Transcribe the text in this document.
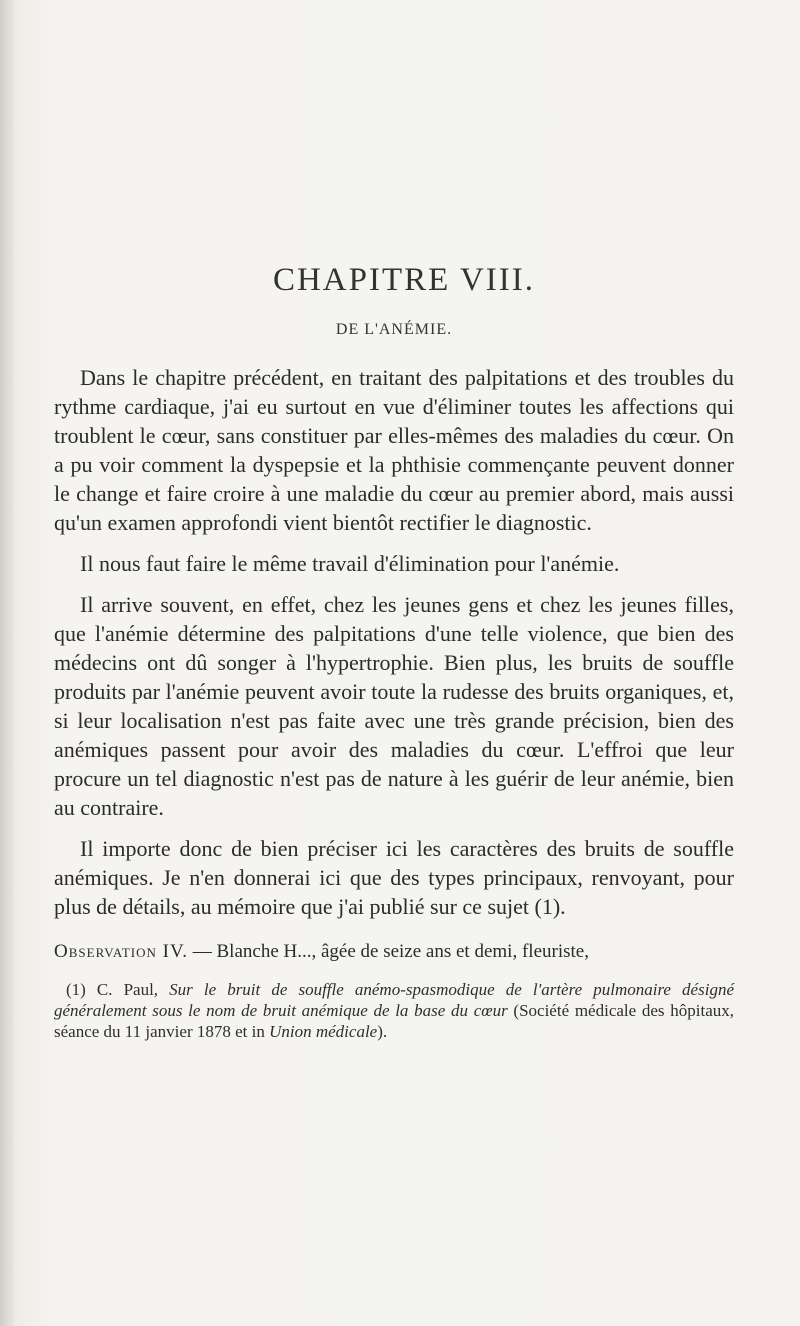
CHAPITRE VIII.
DE L'ANÉMIE.

Dans le chapitre précédent, en traitant des palpitations et des troubles du rythme cardiaque, j'ai eu surtout en vue d'éliminer toutes les affections qui troublent le cœur, sans constituer par elles-mêmes des maladies du cœur. On a pu voir comment la dyspepsie et la phthisie commençante peuvent donner le change et faire croire à une maladie du cœur au premier abord, mais aussi qu'un examen approfondi vient bientôt rectifier le diagnostic.

Il nous faut faire le même travail d'élimination pour l'anémie.

Il arrive souvent, en effet, chez les jeunes gens et chez les jeunes filles, que l'anémie détermine des palpitations d'une telle violence, que bien des médecins ont dû songer à l'hypertrophie. Bien plus, les bruits de souffle produits par l'anémie peuvent avoir toute la rudesse des bruits organiques, et, si leur localisation n'est pas faite avec une très grande précision, bien des anémiques passent pour avoir des maladies du cœur. L'effroi que leur procure un tel diagnostic n'est pas de nature à les guérir de leur anémie, bien au contraire.

Il importe donc de bien préciser ici les caractères des bruits de souffle anémiques. Je n'en donnerai ici que des types principaux, renvoyant, pour plus de détails, au mémoire que j'ai publié sur ce sujet (1).

Observation IV. — Blanche H..., âgée de seize ans et demi, fleuriste,

(1) C. Paul, Sur le bruit de souffle anémo-spasmodique de l'artère pulmonaire désigné généralement sous le nom de bruit anémique de la base du cœur (Société médicale des hôpitaux, séance du 11 janvier 1878 et in Union médicale).
